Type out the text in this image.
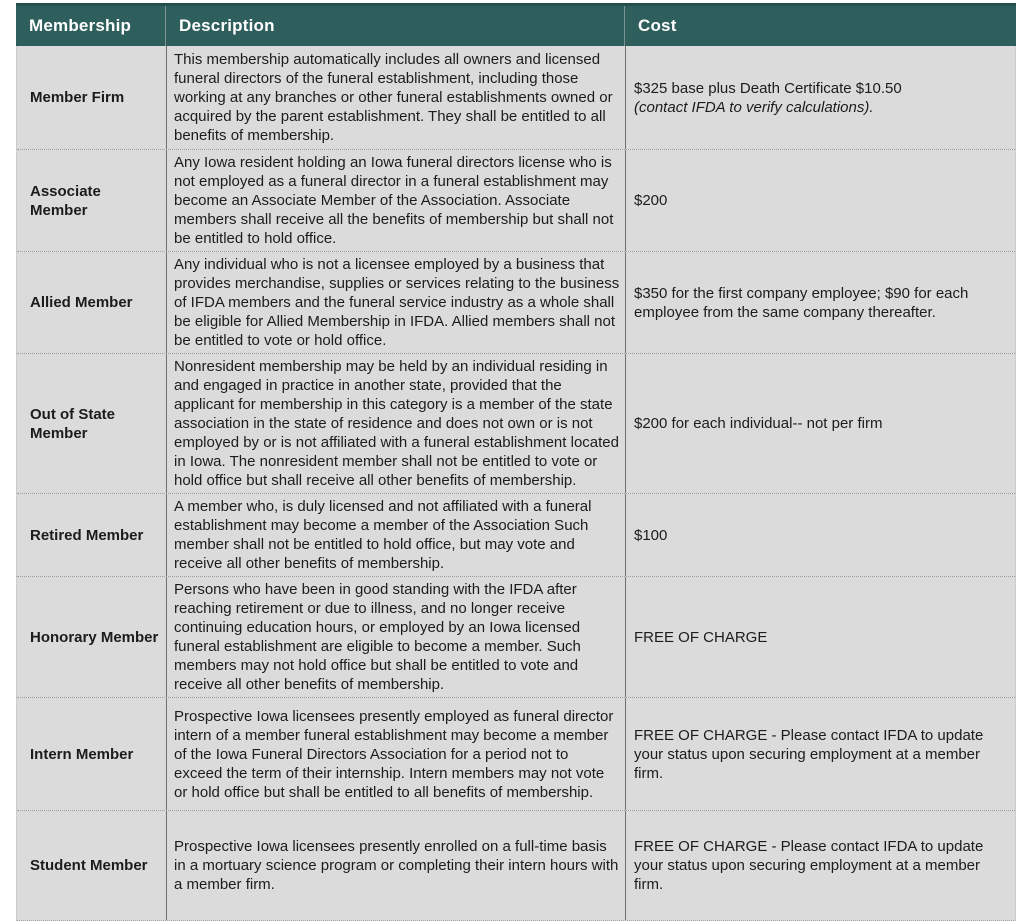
Membership	Description	Cost
Member Firm
This membership automatically includes all owners and licensed funeral directors of the funeral establishment, including those working at any branches or other funeral establishments owned or acquired by the parent establishment. They shall be entitled to all benefits of membership.
$325 base plus Death Certificate $10.50
(contact IFDA to verify calculations).
Associate Member
Any Iowa resident holding an Iowa funeral directors license who is not employed as a funeral director in a funeral establishment may become an Associate Member of the Association. Associate members shall receive all the benefits of membership but shall not be entitled to hold office.
$200
Allied Member
Any individual who is not a licensee employed by a business that provides merchandise, supplies or services relating to the business of IFDA members and the funeral service industry as a whole shall be eligible for Allied Membership in IFDA. Allied members shall not be entitled to vote or hold office.
$350 for the first company employee; $90 for each employee from the same company thereafter.
Out of State Member
Nonresident membership may be held by an individual residing in and engaged in practice in another state, provided that the applicant for membership in this category is a member of the state association in the state of residence and does not own or is not employed by or is not affiliated with a funeral establishment located in Iowa. The nonresident member shall not be entitled to vote or hold office but shall receive all other benefits of membership.
$200 for each individual-- not per firm
Retired Member
A member who, is duly licensed and not affiliated with a funeral establishment may become a member of the Association Such member shall not be entitled to hold office, but may vote and receive all other benefits of membership.
$100
Honorary Member
Persons who have been in good standing with the IFDA after reaching retirement or due to illness, and no longer receive continuing education hours, or employed by an Iowa licensed funeral establishment are eligible to become a member. Such members may not hold office but shall be entitled to vote and receive all other benefits of membership.
FREE OF CHARGE
Intern Member
Prospective Iowa licensees presently employed as funeral director intern of a member funeral establishment may become a member of the Iowa Funeral Directors Association for a period not to exceed the term of their internship. Intern members may not vote or hold office but shall be entitled to all benefits of membership.
FREE OF CHARGE - Please contact IFDA to update your status upon securing employment at a member firm.
Student Member
Prospective Iowa licensees presently enrolled on a full-time basis in a mortuary science program or completing their intern hours with a member firm.
FREE OF CHARGE - Please contact IFDA to update your status upon securing employment at a member firm.
